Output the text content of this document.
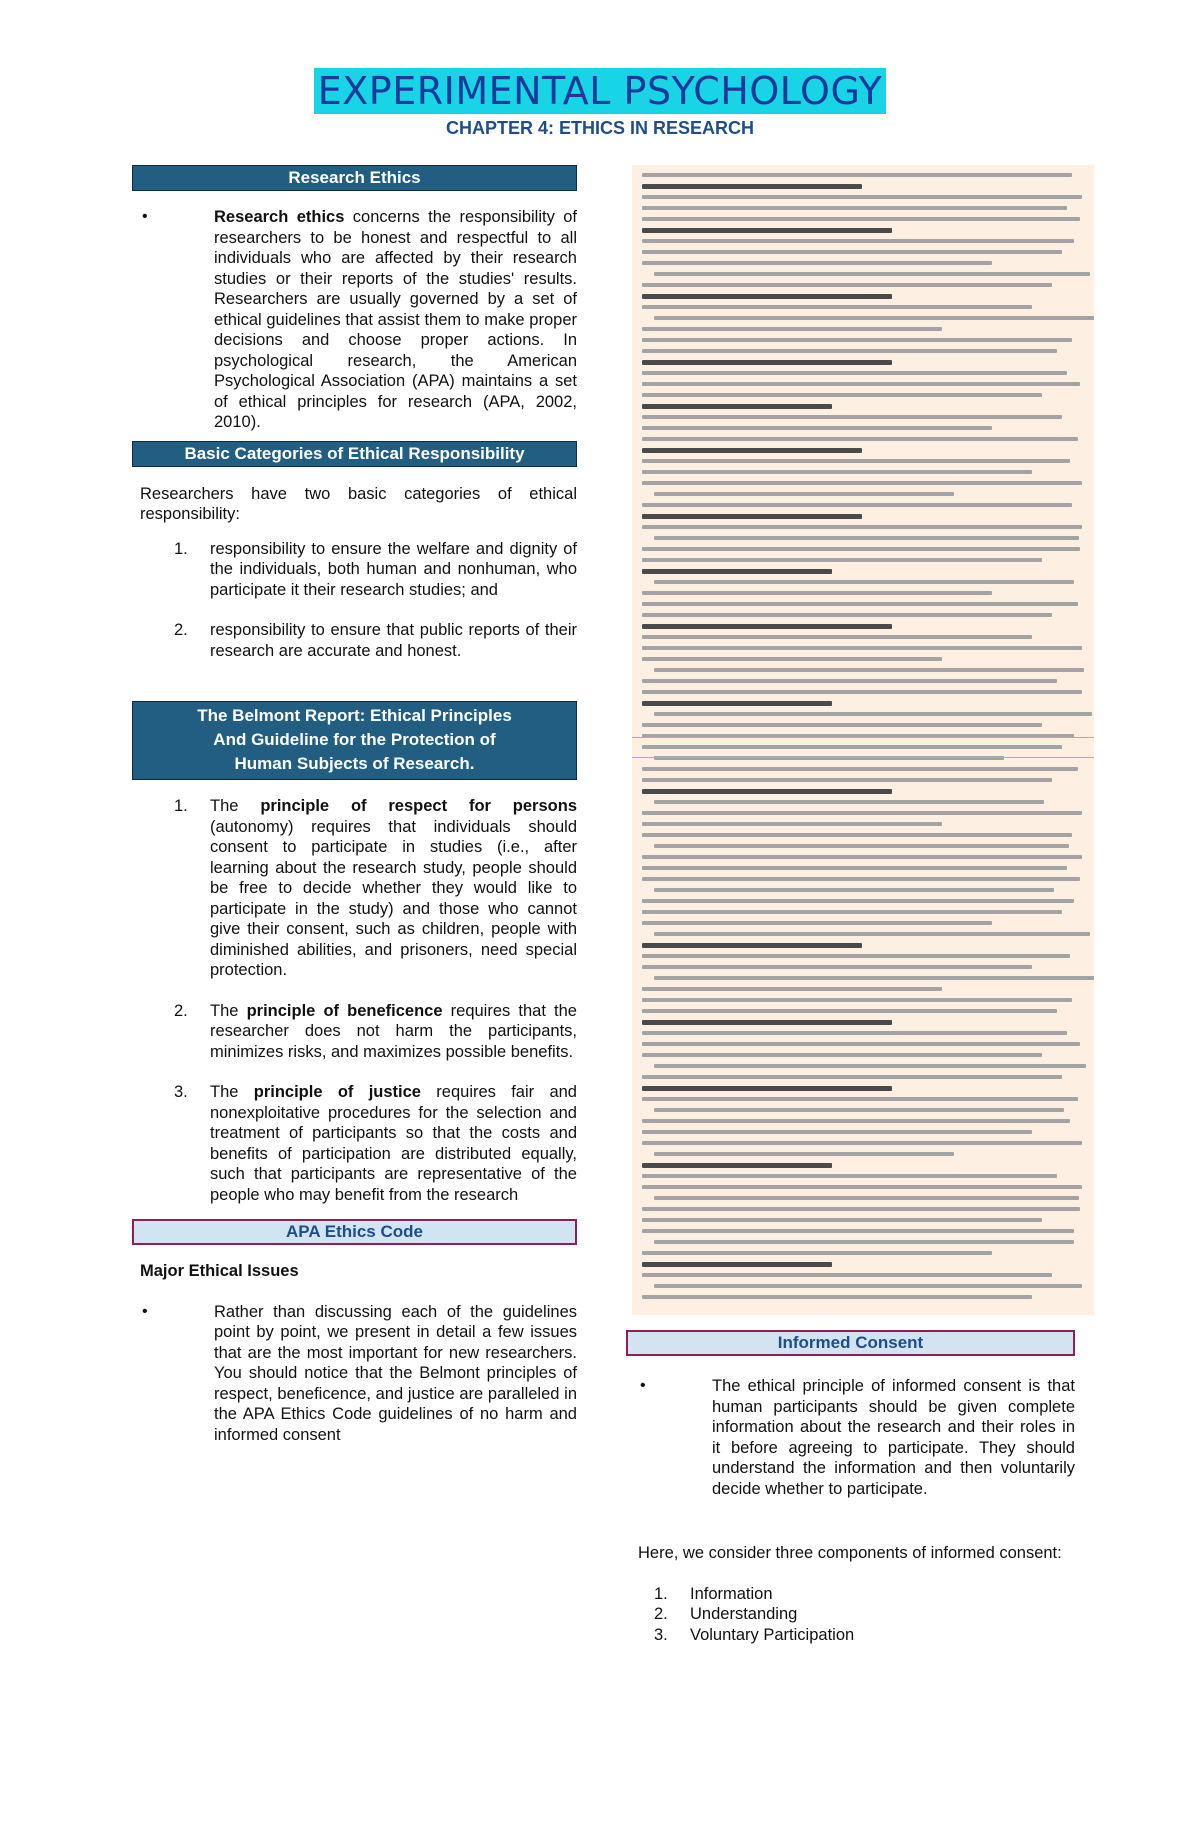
EXPERIMENTAL PSYCHOLOGY
CHAPTER 4: ETHICS IN RESEARCH
Research Ethics
•	Research ethics concerns the responsibility of researchers to be honest and respectful to all individuals who are affected by their research studies or their reports of the studies' results. Researchers are usually governed by a set of ethical guidelines that assist them to make proper decisions and choose proper actions. In psychological research, the American Psychological Association (APA) maintains a set of ethical principles for research (APA, 2002, 2010).
Basic Categories of Ethical Responsibility
Researchers have two basic categories of ethical responsibility:
1.	responsibility to ensure the welfare and dignity of the individuals, both human and nonhuman, who participate it their research studies; and
2.	responsibility to ensure that public reports of their research are accurate and honest.
The Belmont Report: Ethical Principles
And Guideline for the Protection of
Human Subjects of Research.
1.	The principle of respect for persons (autonomy) requires that individuals should consent to participate in studies (i.e., after learning about the research study, people should be free to decide whether they would like to participate in the study) and those who cannot give their consent, such as children, people with diminished abilities, and prisoners, need special protection.
2.	The principle of beneficence requires that the researcher does not harm the participants, minimizes risks, and maximizes possible benefits.
3.	The principle of justice requires fair and nonexploitative procedures for the selection and treatment of participants so that the costs and benefits of participation are distributed equally, such that participants are representative of the people who may benefit from the research
APA Ethics Code
Major Ethical Issues
•	Rather than discussing each of the guidelines point by point, we present in detail a few issues that are the most important for new researchers. You should notice that the Belmont principles of respect, beneficence, and justice are paralleled in the APA Ethics Code guidelines of no harm and informed consent
Informed Consent
•	The ethical principle of informed consent is that human participants should be given complete information about the research and their roles in it before agreeing to participate. They should understand the information and then voluntarily decide whether to participate.
Here, we consider three components of informed consent:
1.	Information
2.	Understanding
3.	Voluntary Participation
